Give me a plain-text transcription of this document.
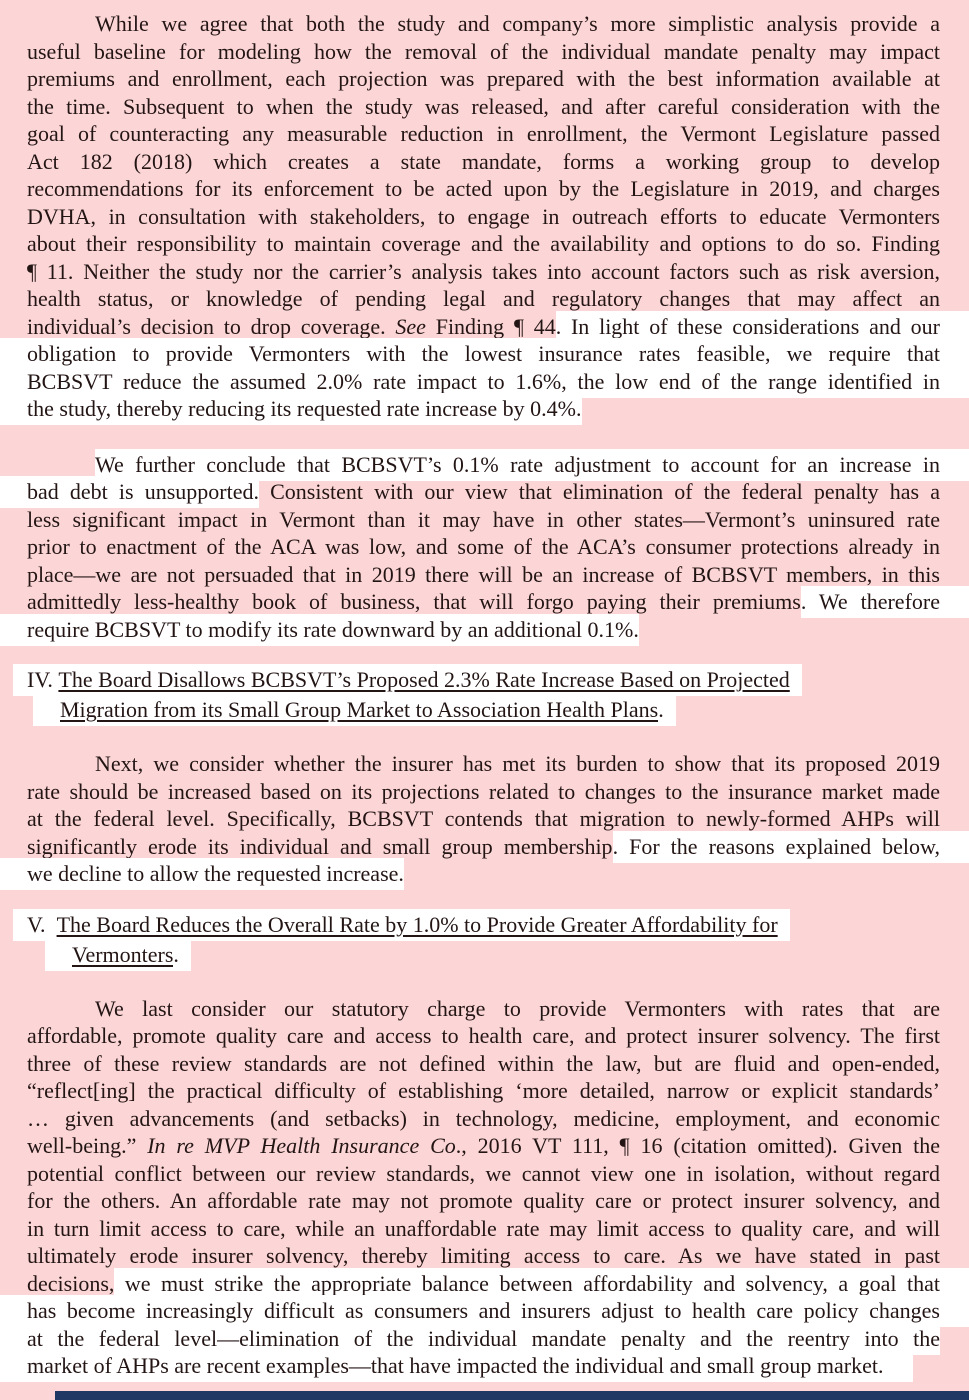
While we agree that both the study and company’s more simplistic analysis provide a
useful baseline for modeling how the removal of the individual mandate penalty may impact
premiums and enrollment, each projection was prepared with the best information available at
the time. Subsequent to when the study was released, and after careful consideration with the
goal of counteracting any measurable reduction in enrollment, the Vermont Legislature passed
Act 182 (2018) which creates a state mandate, forms a working group to develop
recommendations for its enforcement to be acted upon by the Legislature in 2019, and charges
DVHA, in consultation with stakeholders, to engage in outreach efforts to educate Vermonters
about their responsibility to maintain coverage and the availability and options to do so. Finding
¶ 11. Neither the study nor the carrier’s analysis takes into account factors such as risk aversion,
health status, or knowledge of pending legal and regulatory changes that may affect an
individual’s decision to drop coverage. See Finding ¶ 44. In light of these considerations and our
obligation to provide Vermonters with the lowest insurance rates feasible, we require that
BCBSVT reduce the assumed 2.0% rate impact to 1.6%, the low end of the range identified in
the study, thereby reducing its requested rate increase by 0.4%.
We further conclude that BCBSVT’s 0.1% rate adjustment to account for an increase in
bad debt is unsupported. Consistent with our view that elimination of the federal penalty has a
less significant impact in Vermont than it may have in other states—Vermont’s uninsured rate
prior to enactment of the ACA was low, and some of the ACA’s consumer protections already in
place—we are not persuaded that in 2019 there will be an increase of BCBSVT members, in this
admittedly less-healthy book of business, that will forgo paying their premiums. We therefore
require BCBSVT to modify its rate downward by an additional 0.1%.
IV. The Board Disallows BCBSVT’s Proposed 2.3% Rate Increase Based on Projected
Migration from its Small Group Market to Association Health Plans.
Next, we consider whether the insurer has met its burden to show that its proposed 2019
rate should be increased based on its projections related to changes to the insurance market made
at the federal level. Specifically, BCBSVT contends that migration to newly-formed AHPs will
significantly erode its individual and small group membership. For the reasons explained below,
we decline to allow the requested increase.
V.  The Board Reduces the Overall Rate by 1.0% to Provide Greater Affordability for
Vermonters.
We last consider our statutory charge to provide Vermonters with rates that are
affordable, promote quality care and access to health care, and protect insurer solvency. The first
three of these review standards are not defined within the law, but are fluid and open-ended,
“reflect[ing] the practical difficulty of establishing ‘more detailed, narrow or explicit standards’
… given advancements (and setbacks) in technology, medicine, employment, and economic
well-being.” In re MVP Health Insurance Co., 2016 VT 111, ¶ 16 (citation omitted). Given the
potential conflict between our review standards, we cannot view one in isolation, without regard
for the others. An affordable rate may not promote quality care or protect insurer solvency, and
in turn limit access to care, while an unaffordable rate may limit access to quality care, and will
ultimately erode insurer solvency, thereby limiting access to care. As we have stated in past
decisions, we must strike the appropriate balance between affordability and solvency, a goal that
has become increasingly difficult as consumers and insurers adjust to health care policy changes
at the federal level—elimination of the individual mandate penalty and the reentry into the
market of AHPs are recent examples—that have impacted the individual and small group market.
